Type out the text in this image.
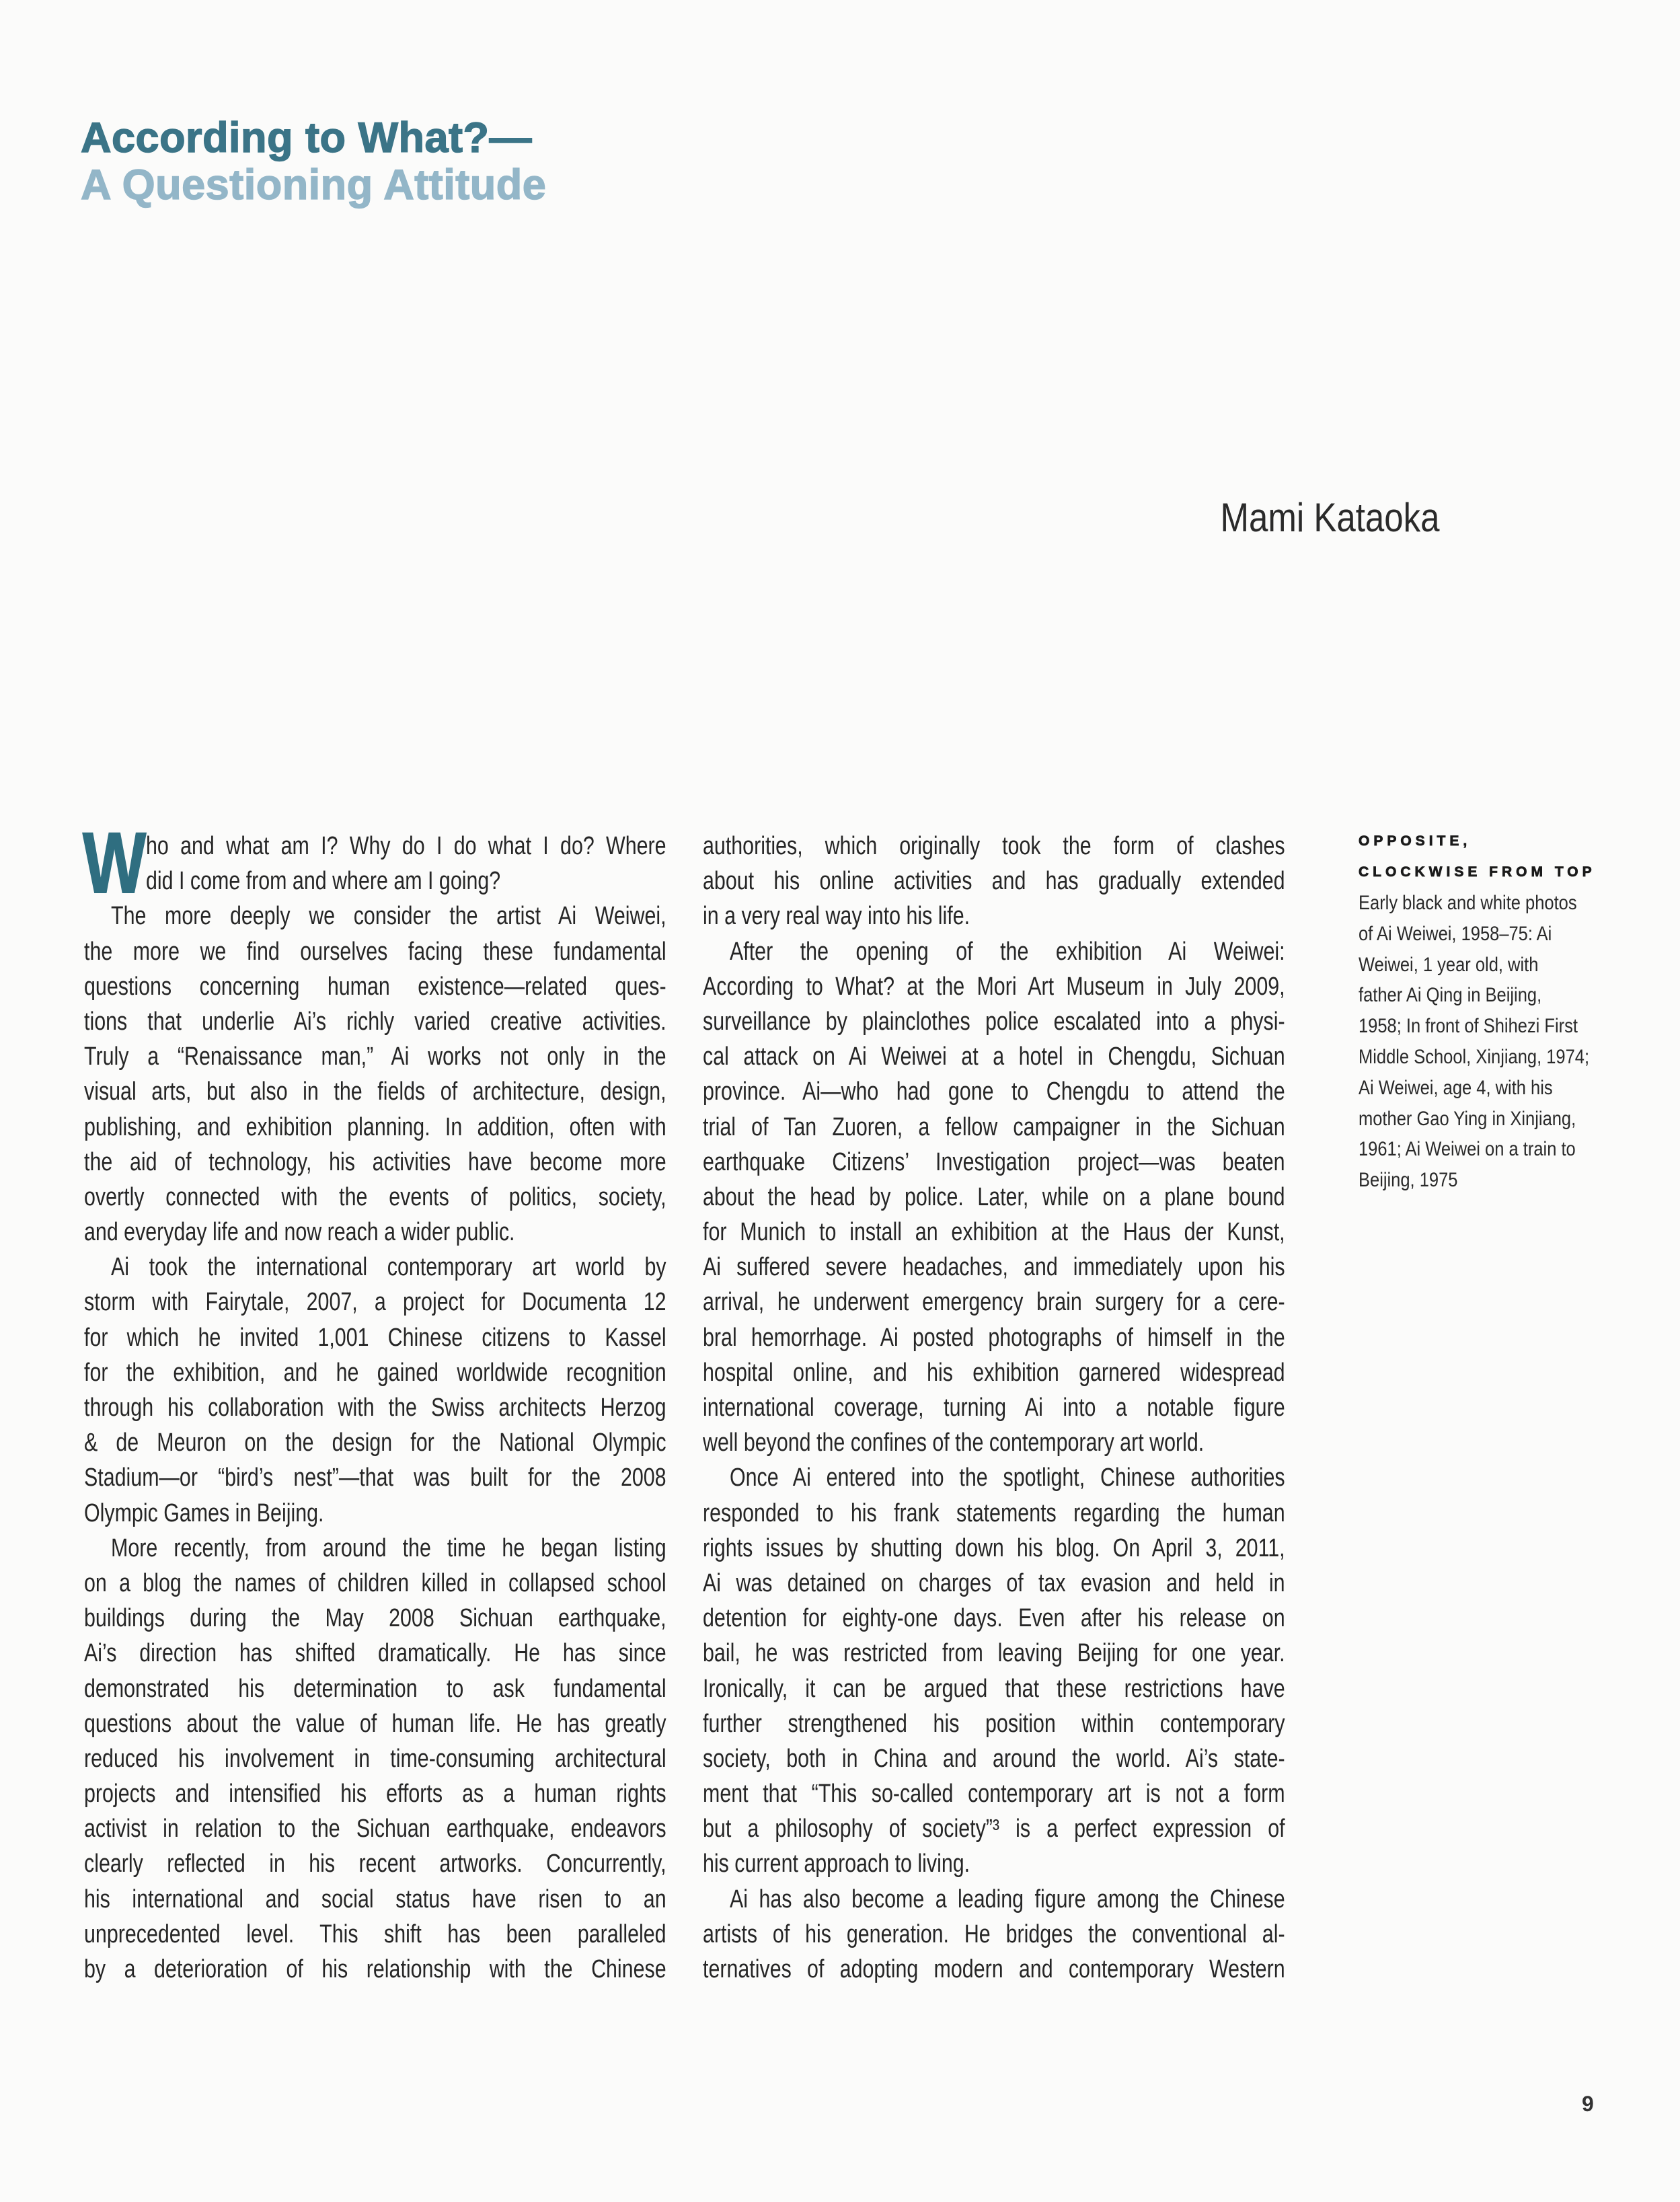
According to What?—
A Questioning Attitude
Mami Kataoka
W ho and what am I? Why do I do what I do? Where
did I come from and where am I going?
The more deeply we consider the artist Ai Weiwei,
the more we find ourselves facing these fundamental
questions concerning human existence—related ques-
tions that underlie Ai’s richly varied creative activities.
Truly a “Renaissance man,” Ai works not only in the
visual arts, but also in the fields of architecture, design,
publishing, and exhibition planning. In addition, often with
the aid of technology, his activities have become more
overtly connected with the events of politics, society,
and everyday life and now reach a wider public.
Ai took the international contemporary art world by
storm with Fairytale, 2007, a project for Documenta 12
for which he invited 1,001 Chinese citizens to Kassel
for the exhibition, and he gained worldwide recognition
through his collaboration with the Swiss architects Herzog
& de Meuron on the design for the National Olympic
Stadium—or “bird’s nest”—that was built for the 2008
Olympic Games in Beijing.
More recently, from around the time he began listing
on a blog the names of children killed in collapsed school
buildings during the May 2008 Sichuan earthquake,
Ai’s direction has shifted dramatically. He has since
demonstrated his determination to ask fundamental
questions about the value of human life. He has greatly
reduced his involvement in time-consuming architectural
projects and intensified his efforts as a human rights
activist in relation to the Sichuan earthquake, endeavors
clearly reflected in his recent artworks. Concurrently,
his international and social status have risen to an
unprecedented level. This shift has been paralleled
by a deterioration of his relationship with the Chinese
authorities, which originally took the form of clashes
about his online activities and has gradually extended
in a very real way into his life.
After the opening of the exhibition Ai Weiwei:
According to What? at the Mori Art Museum in July 2009,
surveillance by plainclothes police escalated into a physi-
cal attack on Ai Weiwei at a hotel in Chengdu, Sichuan
province. Ai—who had gone to Chengdu to attend the
trial of Tan Zuoren, a fellow campaigner in the Sichuan
earthquake Citizens’ Investigation project—was beaten
about the head by police. Later, while on a plane bound
for Munich to install an exhibition at the Haus der Kunst,
Ai suffered severe headaches, and immediately upon his
arrival, he underwent emergency brain surgery for a cere-
bral hemorrhage. Ai posted photographs of himself in the
hospital online, and his exhibition garnered widespread
international coverage, turning Ai into a notable figure
well beyond the confines of the contemporary art world.
Once Ai entered into the spotlight, Chinese authorities
responded to his frank statements regarding the human
rights issues by shutting down his blog. On April 3, 2011,
Ai was detained on charges of tax evasion and held in
detention for eighty-one days. Even after his release on
bail, he was restricted from leaving Beijing for one year.
Ironically, it can be argued that these restrictions have
further strengthened his position within contemporary
society, both in China and around the world. Ai’s state-
ment that “This so-called contemporary art is not a form
but a philosophy of society”³ is a perfect expression of
his current approach to living.
Ai has also become a leading figure among the Chinese
artists of his generation. He bridges the conventional al-
ternatives of adopting modern and contemporary Western
OPPOSITE,
CLOCKWISE FROM TOP
Early black and white photos
of Ai Weiwei, 1958–75: Ai
Weiwei, 1 year old, with
father Ai Qing in Beijing,
1958; In front of Shihezi First
Middle School, Xinjiang, 1974;
Ai Weiwei, age 4, with his
mother Gao Ying in Xinjiang,
1961; Ai Weiwei on a train to
Beijing, 1975
9
